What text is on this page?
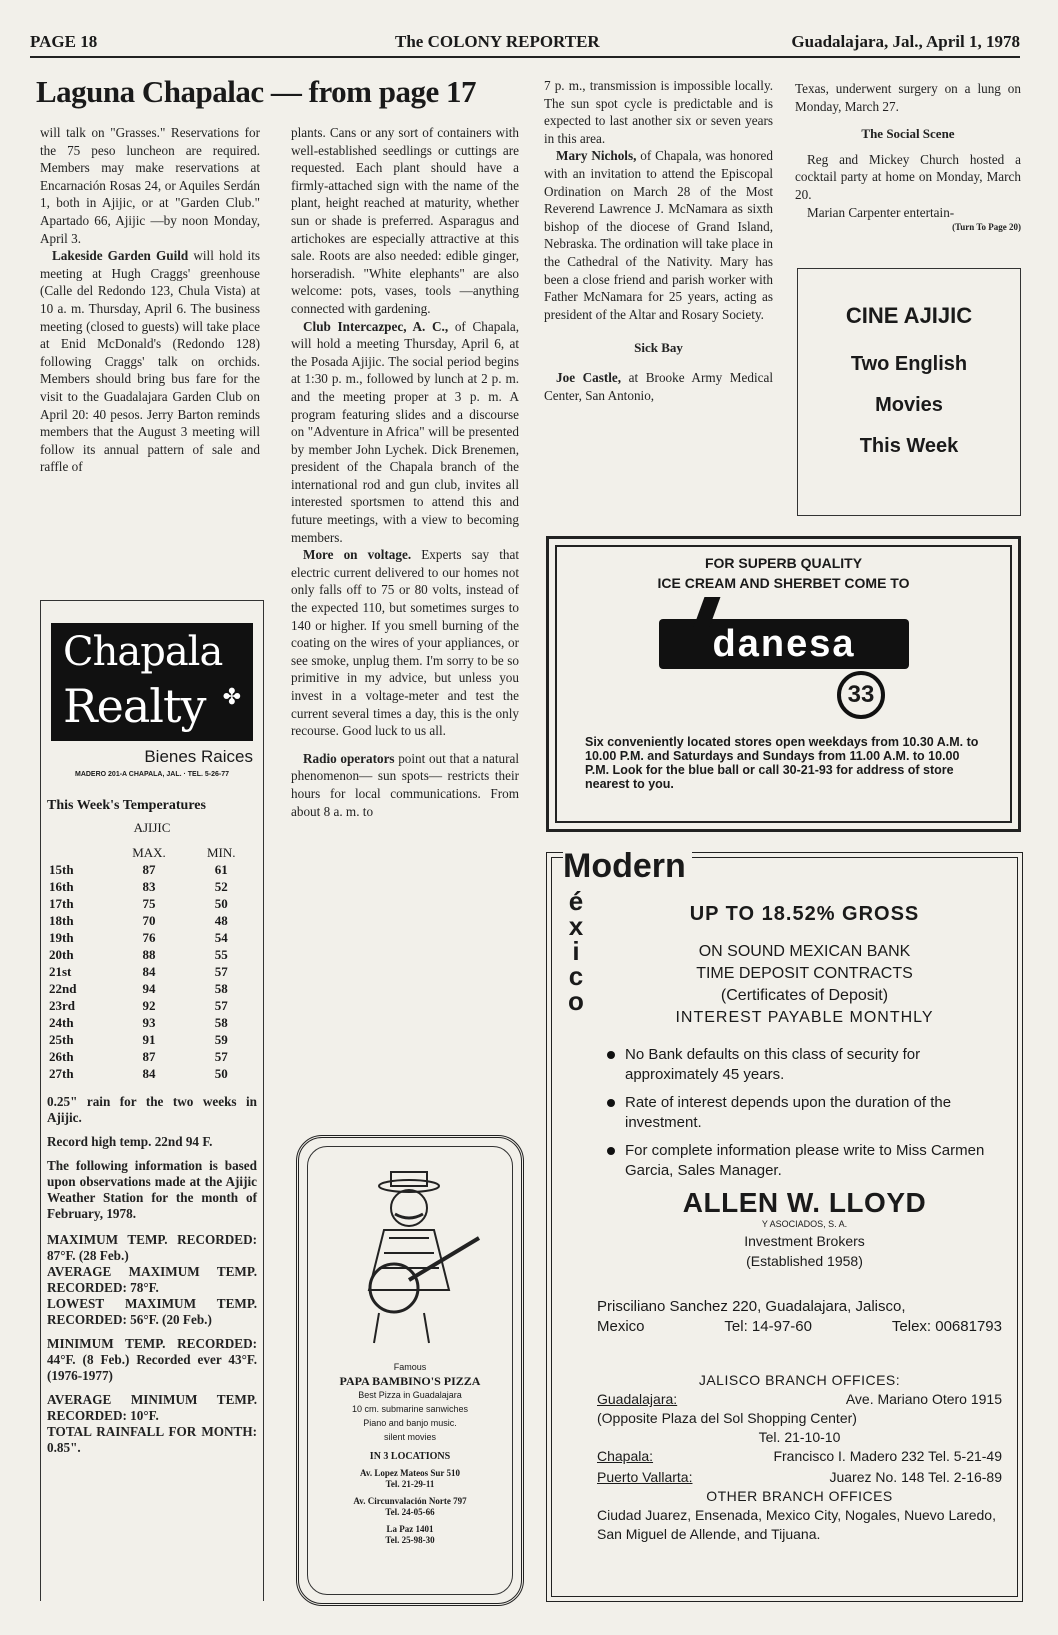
PAGE 18	The COLONY REPORTER	Guadalajara, Jal., April 1, 1978
Laguna Chapalac — from page 17

will talk on "Grasses." Reservations for the 75 peso luncheon are required. Members may make reservations at Encarnación Rosas 24, or Aquiles Serdán 1, both in Ajijic, or at "Garden Club." Apartado 66, Ajijic —by noon Monday, April 3.

Lakeside Garden Guild will hold its meeting at Hugh Craggs' greenhouse (Calle del Redondo 123, Chula Vista) at 10 a. m. Thursday, April 6. The business meeting (closed to guests) will take place at Enid McDonald's (Redondo 128) following Craggs' talk on orchids. Members should bring bus fare for the visit to the Guadalajara Garden Club on April 20: 40 pesos. Jerry Barton reminds members that the August 3 meeting will follow its annual pattern of sale and raffle of

Chapala
Realty ✤
Bienes Raices
MADERO 201-A CHAPALA, JAL. · TEL. 5-26-77
This Week's Temperatures
AJIJIC
	MAX.	MIN.
15th	87	61
16th	83	52
17th	75	50
18th	70	48
19th	76	54
20th	88	55
21st	84	57
22nd	94	58
23rd	92	57
24th	93	58
25th	91	59
26th	87	57
27th	84	50

0.25" rain for the two weeks in Ajijic.

Record high temp. 22nd 94 F.

The following information is based upon observations made at the Ajijic Weather Station for the month of February, 1978.

MAXIMUM TEMP. RECORDED: 87°F. (28 Feb.)

AVERAGE MAXIMUM TEMP. RECORDED: 78°F.

LOWEST MAXIMUM TEMP. RECORDED: 56°F. (20 Feb.)

MINIMUM TEMP. RECORDED: 44°F. (8 Feb.) Recorded ever 43°F. (1976-1977)

AVERAGE MINIMUM TEMP. RECORDED: 10°F.

TOTAL RAINFALL FOR MONTH: 0.85".

plants. Cans or any sort of containers with well-established seedlings or cuttings are requested. Each plant should have a firmly-attached sign with the name of the plant, height reached at maturity, whether sun or shade is preferred. Asparagus and artichokes are especially attractive at this sale. Roots are also needed: edible ginger, horseradish. "White elephants" are also welcome: pots, vases, tools —anything connected with gardening.

Club Intercazpec, A. C., of Chapala, will hold a meeting Thursday, April 6, at the Posada Ajijic. The social period begins at 1:30 p. m., followed by lunch at 2 p. m. and the meeting proper at 3 p. m. A program featuring slides and a discourse on "Adventure in Africa" will be presented by member John Lychek. Dick Brenemen, president of the Chapala branch of the international rod and gun club, invites all interested sportsmen to attend this and future meetings, with a view to becoming members.

More on voltage. Experts say that electric current delivered to our homes not only falls off to 75 or 80 volts, instead of the expected 110, but sometimes surges to 140 or higher. If you smell burning of the coating on the wires of your appliances, or see smoke, unplug them. I'm sorry to be so primitive in my advice, but unless you invest in a voltage-meter and test the current several times a day, this is the only recourse. Good luck to us all.

Radio operators point out that a natural phenomenon— sun spots— restricts their hours for local communications. From about 8 a. m. to

Famous
PAPA BAMBINO'S PIZZA
Best Pizza in Guadalajara
10 cm. submarine sanwiches
Piano and banjo music.
silent movies
IN 3 LOCATIONS
Av. Lopez Mateos Sur 510
Tel. 21-29-11
Av. Circunvalación Norte 797
Tel. 24-05-66
La Paz 1401
Tel. 25-98-30

7 p. m., transmission is impossible locally. The sun spot cycle is predictable and is expected to last another six or seven years in this area.

Mary Nichols, of Chapala, was honored with an invitation to attend the Episcopal Ordination on March 28 of the Most Reverend Lawrence J. McNamara as sixth bishop of the diocese of Grand Island, Nebraska. The ordination will take place in the Cathedral of the Nativity. Mary has been a close friend and parish worker with Father McNamara for 25 years, acting as president of the Altar and Rosary Society.

Sick Bay

Joe Castle, at Brooke Army Medical Center, San Antonio,

Texas, underwent surgery on a lung on Monday, March 27.

The Social Scene

Reg and Mickey Church hosted a cocktail party at home on Monday, March 20.

Marian Carpenter entertain-

(Turn To Page 20)
CINE AJIJIC
Two English
Movies
This Week
FOR SUPERB QUALITY
ICE CREAM AND SHERBET COME TO
danesa
33
Six conveniently located stores open weekdays from 10.30 A.M. to 10.00 P.M. and Saturdays and Sundays from 11.00 A.M. to 10.00 P.M. Look for the blue ball or call 30-21-93 for address of store nearest to you.
Modern
é
x
i
c
o
UP TO 18.52% GROSS
ON SOUND MEXICAN BANK
TIME DEPOSIT CONTRACTS
(Certificates of Deposit)
INTEREST PAYABLE MONTHLY
No Bank defaults on this class of security for approximately 45 years.
Rate of interest depends upon the duration of the investment.
For complete information please write to Miss Carmen Garcia, Sales Manager.
ALLEN W. LLOYD
Y ASOCIADOS, S. A.
Investment Brokers
(Established 1958)
Prisciliano Sanchez 220, Guadalajara, Jalisco,
Mexico	Tel: 14-97-60	Telex: 00681793
JALISCO BRANCH OFFICES:
Guadalajara:	Ave. Mariano Otero 1915
(Opposite Plaza del Sol Shopping Center)
Tel. 21-10-10
Chapala:	Francisco I. Madero 232 Tel. 5-21-49
Puerto Vallarta:	Juarez No. 148 Tel. 2-16-89
OTHER BRANCH OFFICES
Ciudad Juarez, Ensenada, Mexico City, Nogales, Nuevo Laredo, San Miguel de Allende, and Tijuana.
